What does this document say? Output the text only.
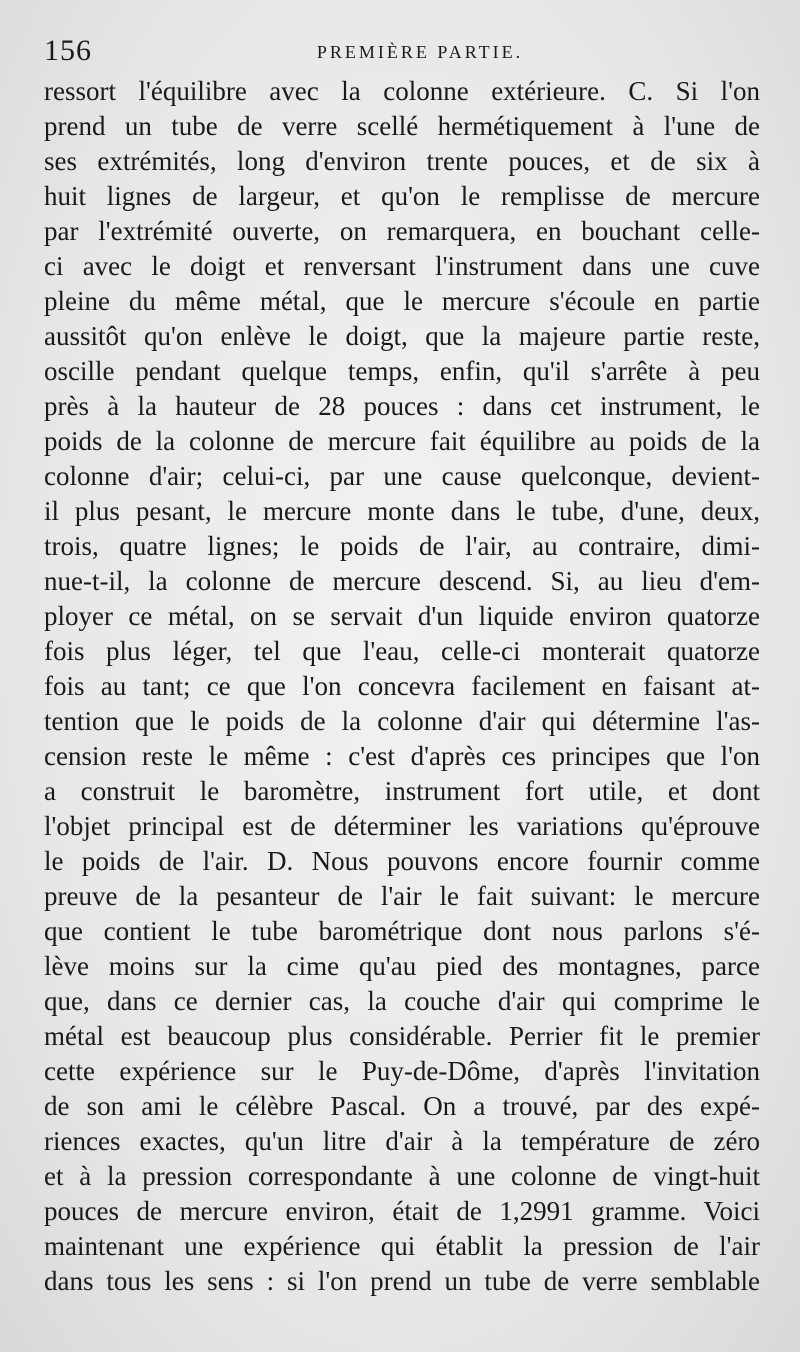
156	PREMIÈRE PARTIE.
ressort l'équilibre avec la colonne extérieure. C. Si l'on
prend un tube de verre scellé hermétiquement à l'une de
ses extrémités, long d'environ trente pouces, et de six à
huit lignes de largeur, et qu'on le remplisse de mercure
par l'extrémité ouverte, on remarquera, en bouchant celle-
ci avec le doigt et renversant l'instrument dans une cuve
pleine du même métal, que le mercure s'écoule en partie
aussitôt qu'on enlève le doigt, que la majeure partie reste,
oscille pendant quelque temps, enfin, qu'il s'arrête à peu
près à la hauteur de 28 pouces : dans cet instrument, le
poids de la colonne de mercure fait équilibre au poids de la
colonne d'air; celui-ci, par une cause quelconque, devient-
il plus pesant, le mercure monte dans le tube, d'une, deux,
trois, quatre lignes; le poids de l'air, au contraire, dimi-
nue-t-il, la colonne de mercure descend. Si, au lieu d'em-
ployer ce métal, on se servait d'un liquide environ quatorze
fois plus léger, tel que l'eau, celle-ci monterait quatorze
fois au tant; ce que l'on concevra facilement en faisant at-
tention que le poids de la colonne d'air qui détermine l'as-
cension reste le même : c'est d'après ces principes que l'on
a construit le baromètre, instrument fort utile, et dont
l'objet principal est de déterminer les variations qu'éprouve
le poids de l'air. D. Nous pouvons encore fournir comme
preuve de la pesanteur de l'air le fait suivant: le mercure
que contient le tube barométrique dont nous parlons s'é-
lève moins sur la cime qu'au pied des montagnes, parce
que, dans ce dernier cas, la couche d'air qui comprime le
métal est beaucoup plus considérable. Perrier fit le premier
cette expérience sur le Puy-de-Dôme, d'après l'invitation
de son ami le célèbre Pascal. On a trouvé, par des expé-
riences exactes, qu'un litre d'air à la température de zéro
et à la pression correspondante à une colonne de vingt-huit
pouces de mercure environ, était de 1,2991 gramme. Voici
maintenant une expérience qui établit la pression de l'air
dans tous les sens : si l'on prend un tube de verre semblable
